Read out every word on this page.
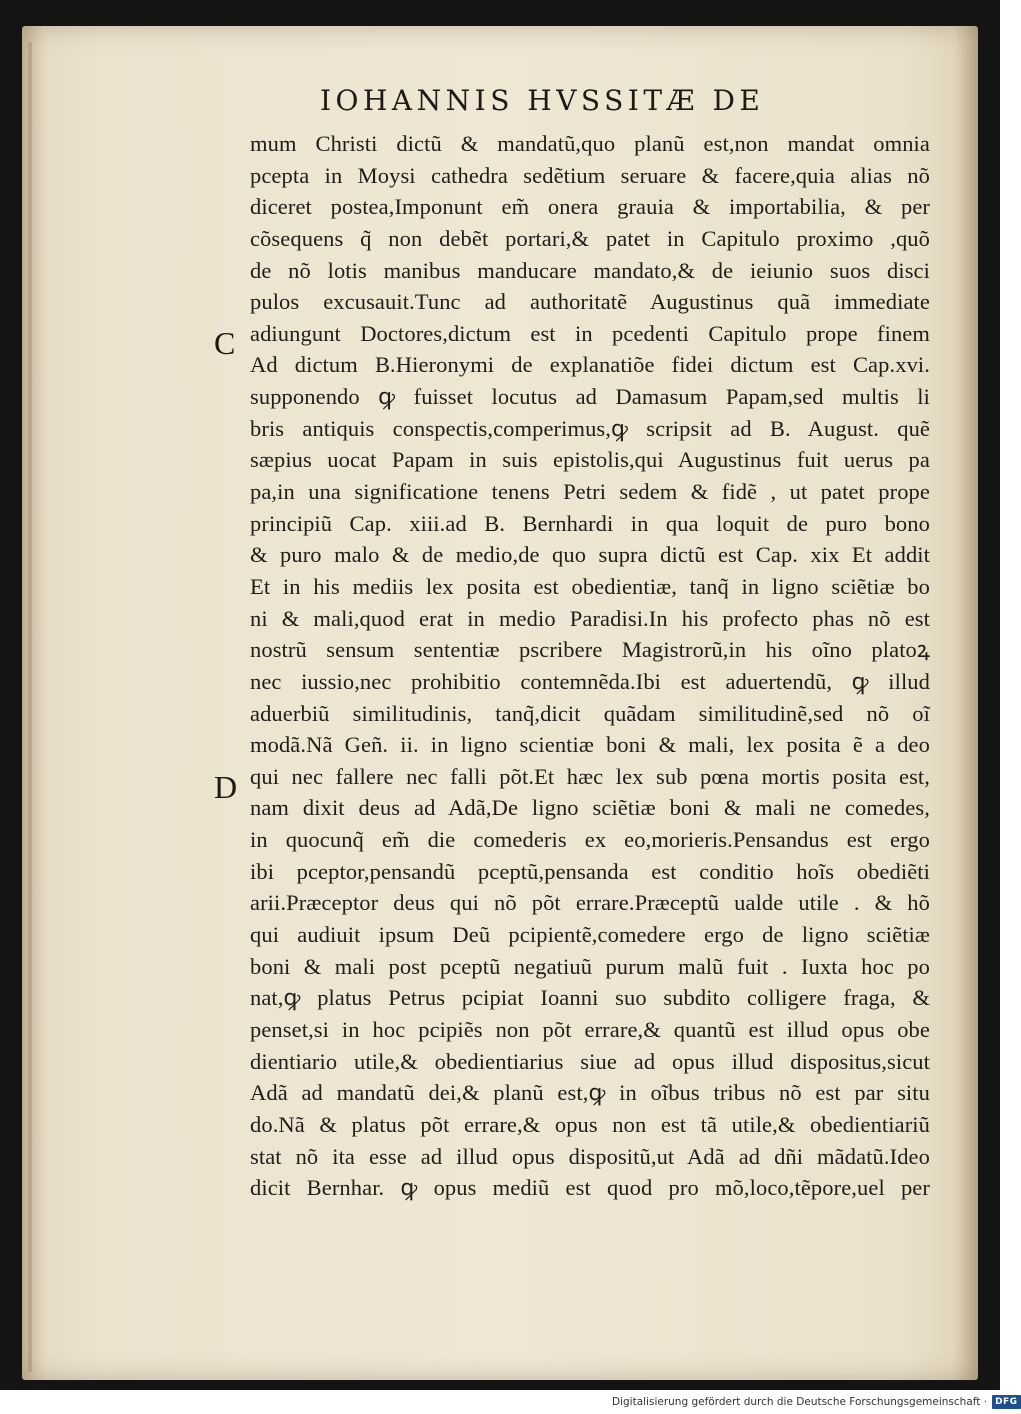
IOHANNIS HVSSITÆ DE
C
D
mum Christi dictũ & mandatũ,quo planũ est,non mandat omnia
pcepta in Moysi cathedra sedẽtium seruare & facere,quia alias nõ
diceret postea,Imponunt em̃ onera grauia & importabilia, & per
cõsequens q̃ non debẽt portari,& patet in Capitulo proximo ,quõ
de nõ lotis manibus manducare mandato,& de ieiunio suos disci
pulos excusauit.Tunc ad authoritatẽ Augustinus quã immediate
adiungunt Doctores,dictum est in pcedenti Capitulo prope finem
Ad dictum B.Hieronymi de explanatiõe fidei dictum est Cap.xvi.
supponendo ꝙ fuisset locutus ad Damasum Papam,sed multis li
bris antiquis conspectis,comperimus,ꝙ scripsit ad B. August. quẽ
sæpius uocat Papam in suis epistolis,qui Augustinus fuit uerus pa
pa,in una significatione tenens Petri sedem & fidẽ , ut patet prope
principiũ Cap. xiii.ad B. Bernhardi in qua loquit de puro bono
& puro malo & de medio,de quo supra dictũ est Cap. xix Et addit
Et in his mediis lex posita est obedientiæ, tanq̃ in ligno sciẽtiæ bo
ni & mali,quod erat in medio Paradisi.In his profecto phas nõ est
nostrũ sensum sententiæ pscribere Magistrorũ,in his oĩno platoꝝ
nec iussio,nec prohibitio contemnẽda.Ibi est aduertendũ, ꝙ illud
aduerbiũ similitudinis, tanq̃,dicit quãdam similitudinẽ,sed nõ oĩ
modã.Nã Geñ. ii. in ligno scientiæ boni & mali, lex posita ẽ a deo
qui nec fallere nec falli põt.Et hæc lex sub pœna mortis posita est,
nam dixit deus ad Adã,De ligno sciẽtiæ boni & mali ne comedes,
in quocunq̃ em̃ die comederis ex eo,morieris.Pensandus est ergo
ibi pceptor,pensandũ pceptũ,pensanda est conditio hoĩs obediẽti
arii.Præceptor deus qui nõ põt errare.Præceptũ ualde utile . & hõ
qui audiuit ipsum Deũ pcipientẽ,comedere ergo de ligno sciẽtiæ
boni & mali post pceptũ negatiuũ purum malũ fuit . Iuxta hoc po
nat,ꝙ platus Petrus pcipiat Ioanni suo subdito colligere fraga, &
penset,si in hoc pcipiẽs non põt errare,& quantũ est illud opus obe
dientiario utile,& obedientiarius siue ad opus illud dispositus,sicut
Adã ad mandatũ dei,& planũ est,ꝙ in oĩbus tribus nõ est par situ
do.Nã & platus põt errare,& opus non est tã utile,& obedientiariũ
stat nõ ita esse ad illud opus dispositũ,ut Adã ad dñi mãdatũ.Ideo
dicit Bernhar. ꝙ opus mediũ est quod pro mõ,loco,tẽpore,uel per
Digitalisierung gefördert durch die Deutsche Forschungsgemeinschaft · DFG
